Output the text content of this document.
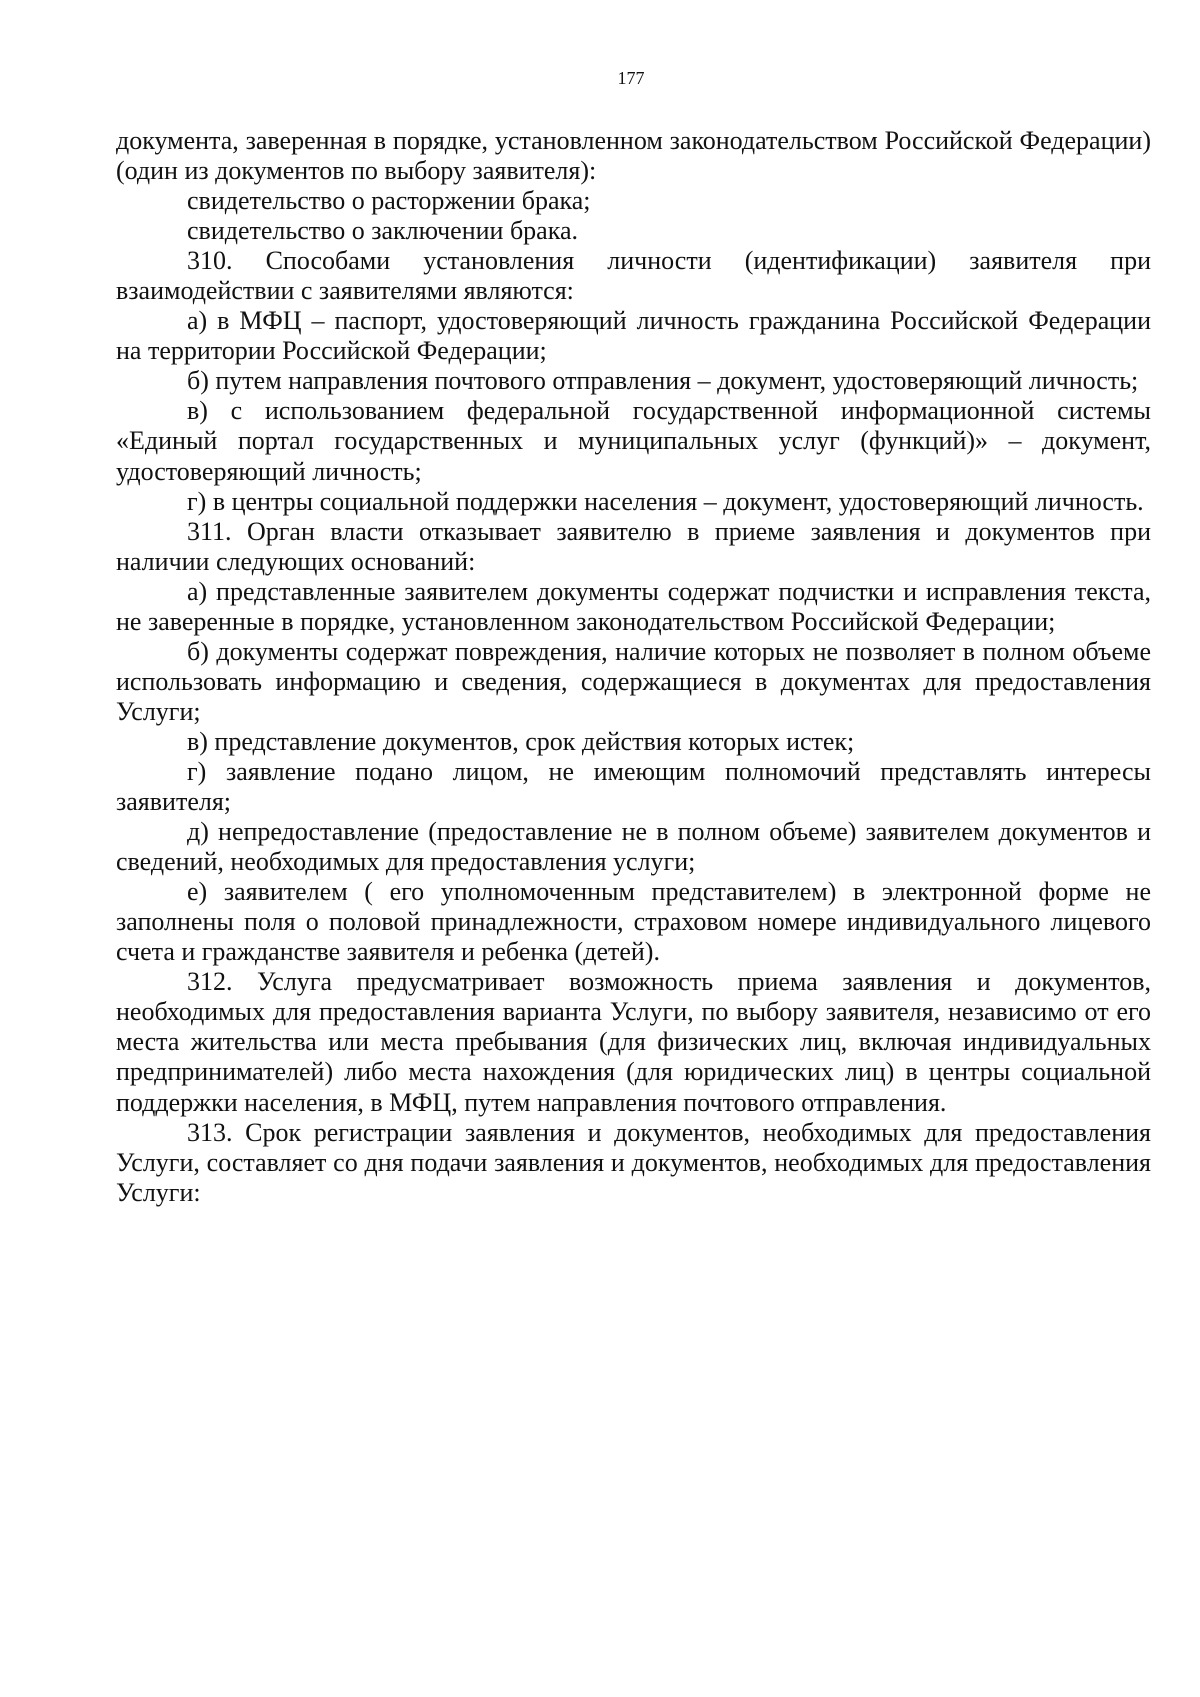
177

документа, заверенная в порядке, установленном законодательством Российской Федерации) (один из документов по выбору заявителя):

свидетельство о расторжении брака;

свидетельство о заключении брака.

310. Способами установления личности (идентификации) заявителя при взаимодействии с заявителями являются:

а) в МФЦ – паспорт, удостоверяющий личность гражданина Российской Федерации на территории Российской Федерации;

б) путем направления почтового отправления – документ, удостоверяющий личность;

в) с использованием федеральной государственной информационной системы «Единый портал государственных и муниципальных услуг (функций)» – документ, удостоверяющий личность;

г) в центры социальной поддержки населения – документ, удостоверяющий личность.

311. Орган власти отказывает заявителю в приеме заявления и документов при наличии следующих оснований:

а) представленные заявителем документы содержат подчистки и исправления текста, не заверенные в порядке, установленном законодательством Российской Федерации;

б) документы содержат повреждения, наличие которых не позволяет в полном объеме использовать информацию и сведения, содержащиеся в документах для предоставления Услуги;

в) представление документов, срок действия которых истек;

г) заявление подано лицом, не имеющим полномочий представлять интересы заявителя;

д) непредоставление (предоставление не в полном объеме) заявителем документов и сведений, необходимых для предоставления услуги;

е) заявителем ( его уполномоченным представителем) в электронной форме не заполнены поля о половой принадлежности, страховом номере индивидуального лицевого счета и гражданстве заявителя и ребенка (детей).

312. Услуга предусматривает возможность приема заявления и документов, необходимых для предоставления варианта Услуги, по выбору заявителя, независимо от его места жительства или места пребывания (для физических лиц, включая индивидуальных предпринимателей) либо места нахождения (для юридических лиц) в центры социальной поддержки населения, в МФЦ, путем направления почтового отправления.

313. Срок регистрации заявления и документов, необходимых для предоставления Услуги, составляет со дня подачи заявления и документов, необходимых для предоставления Услуги:
